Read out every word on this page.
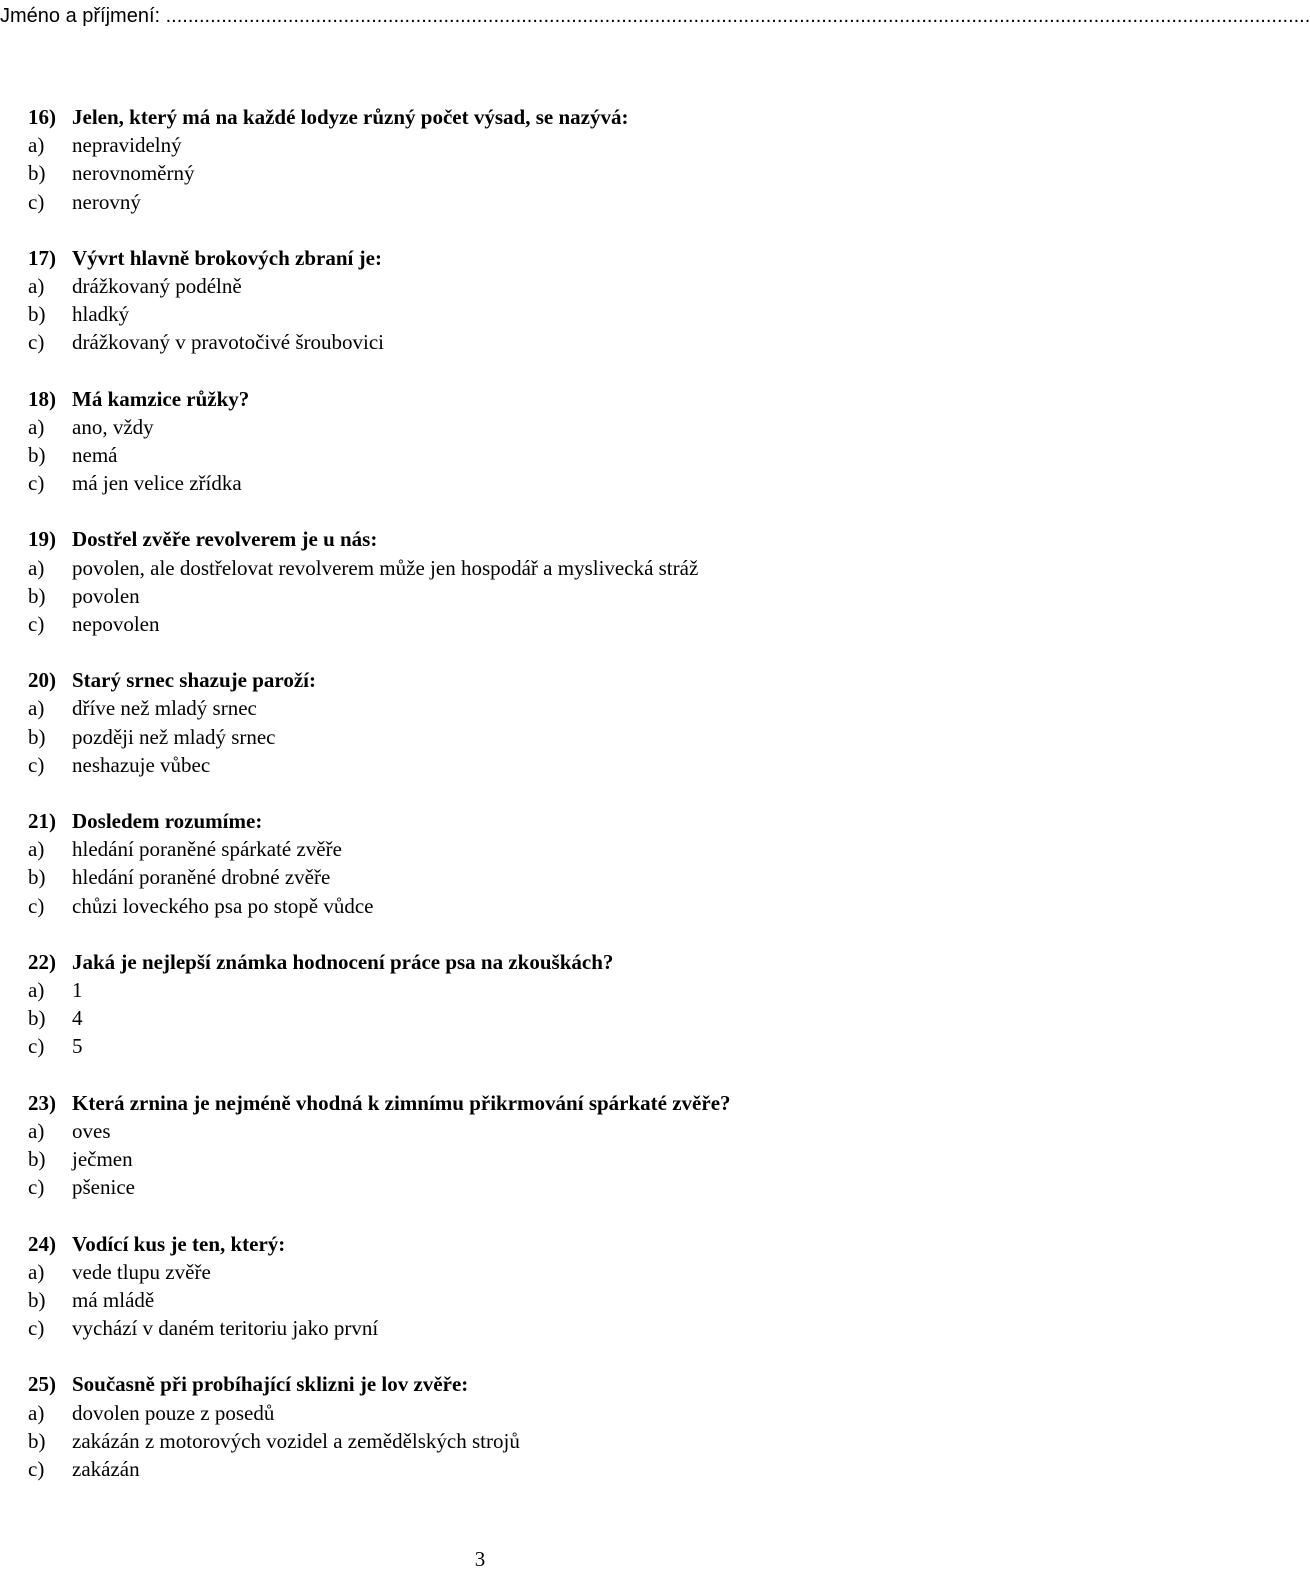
Jméno a příjmení: ..............................................................................................................................................................................................................
16) Jelen, který má na každé lodyze různý počet výsad, se nazývá:
a) nepravidelný
b) nerovnoměrný
c) nerovný
17) Vývrt hlavně brokových zbraní je:
a) drážkovaný podélně
b) hladký
c) drážkovaný v pravotočivé šroubovici
18) Má kamzice růžky?
a) ano, vždy
b) nemá
c) má jen velice zřídka
19) Dostřel zvěře revolverem je u nás:
a) povolen, ale dostřelovat revolverem může jen hospodář a myslivecká stráž
b) povolen
c) nepovolen
20) Starý srnec shazuje paroží:
a) dříve než mladý srnec
b) později než mladý srnec
c) neshazuje vůbec
21) Dosledem rozumíme:
a) hledání poraněné spárkaté zvěře
b) hledání poraněné drobné zvěře
c) chůzi loveckého psa po stopě vůdce
22) Jaká je nejlepší známka hodnocení práce psa na zkouškách?
a) 1
b) 4
c) 5
23) Která zrnina je nejméně vhodná k zimnímu přikrmování spárkaté zvěře?
a) oves
b) ječmen
c) pšenice
24) Vodící kus je ten, který:
a) vede tlupu zvěře
b) má mládě
c) vychází v daném teritoriu jako první
25) Současně při probíhající sklizni je lov zvěře:
a) dovolen pouze z posedů
b) zakázán z motorových vozidel a zemědělských strojů
c) zakázán
3
